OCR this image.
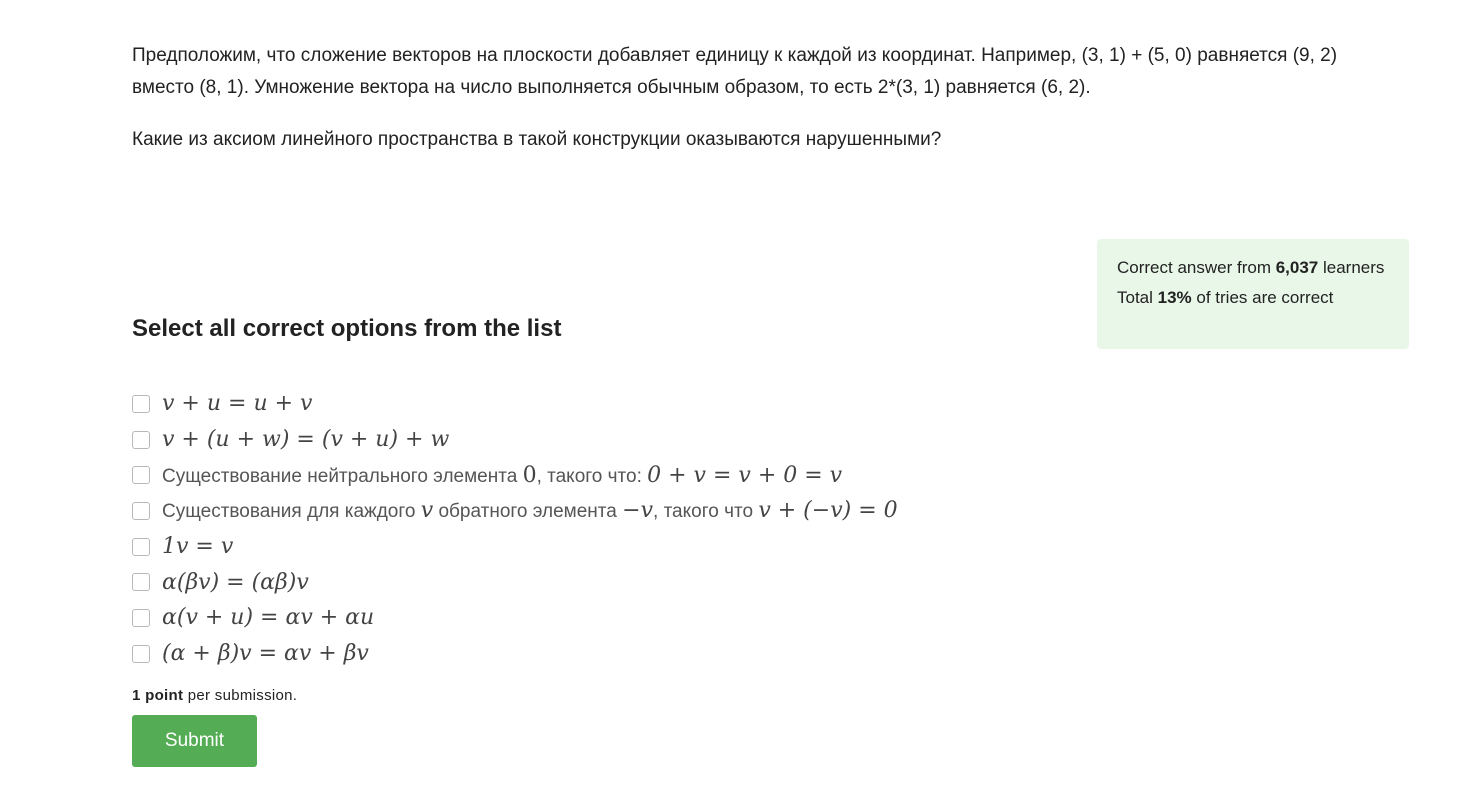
Предположим, что сложение векторов на плоскости добавляет единицу к каждой из координат. Например, (3, 1) + (5, 0) равняется (9, 2) вместо (8, 1). Умножение вектора на число выполняется обычным образом, то есть 2*(3, 1) равняется (6, 2).

Какие из аксиом линейного пространства в такой конструкции оказываются нарушенными?

Correct answer from 6,037 learners
Total 13% of tries are correct
Select all correct options from the list
v + u = u + v
v + (u + w) = (v + u) + w
Существование нейтрального элемента 0, такого что: 0 + v = v + 0 = v
Существования для каждого v обратного элемента −v, такого что v + (−v) = 0
1v = v
α(βv) = (αβ)v
α(v + u) = αv + αu
(α + β)v = αv + βv
1 point per submission.
Submit
